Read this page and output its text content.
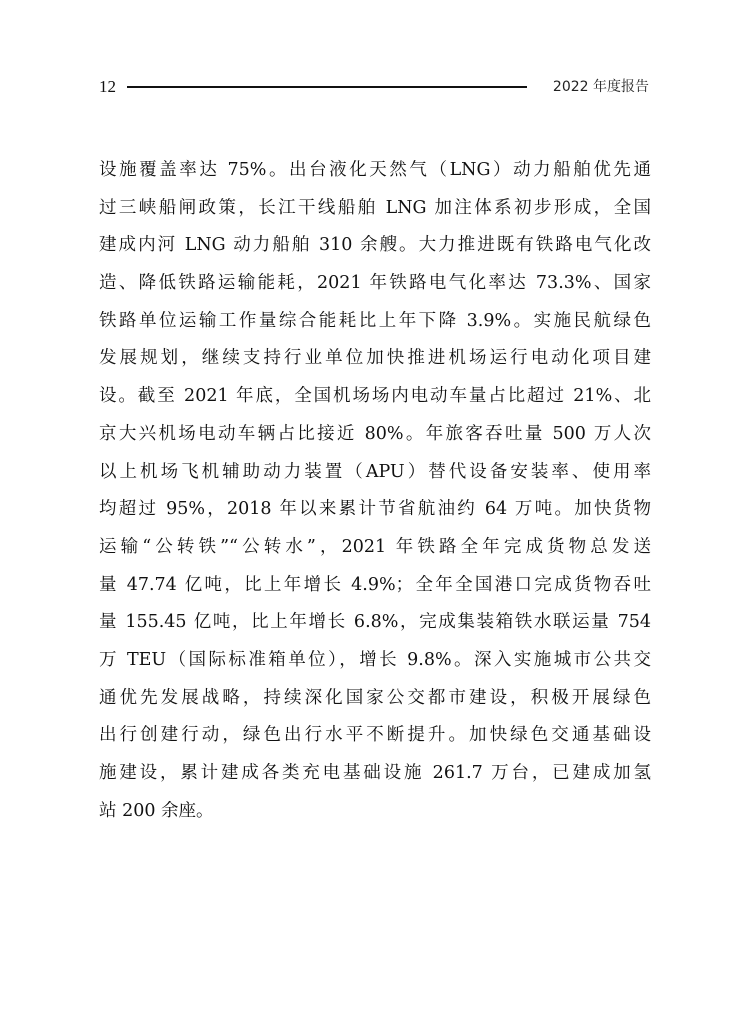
12	2022 年度报告
设施覆盖率达 75%。出台液化天然气（LNG）动力船舶优先通
过三峡船闸政策，长江干线船舶 LNG 加注体系初步形成，全国
建成内河 LNG 动力船舶 310 余艘。大力推进既有铁路电气化改
造、降低铁路运输能耗，2021 年铁路电气化率达 73.3%、国家
铁路单位运输工作量综合能耗比上年下降 3.9%。实施民航绿色
发展规划，继续支持行业单位加快推进机场运行电动化项目建
设。截至 2021 年底，全国机场场内电动车量占比超过 21%、北
京大兴机场电动车辆占比接近 80%。年旅客吞吐量 500 万人次
以上机场飞机辅助动力装置（APU）替代设备安装率、使用率
均超过 95%，2018 年以来累计节省航油约 64 万吨。加快货物
运输“公转铁”“公转水”，2021 年铁路全年完成货物总发送
量 47.74 亿吨，比上年增长 4.9%；全年全国港口完成货物吞吐
量 155.45 亿吨，比上年增长 6.8%，完成集装箱铁水联运量 754
万 TEU（国际标准箱单位），增长 9.8%。深入实施城市公共交
通优先发展战略，持续深化国家公交都市建设，积极开展绿色
出行创建行动，绿色出行水平不断提升。加快绿色交通基础设
施建设，累计建成各类充电基础设施 261.7 万台，已建成加氢
站 200 余座。
